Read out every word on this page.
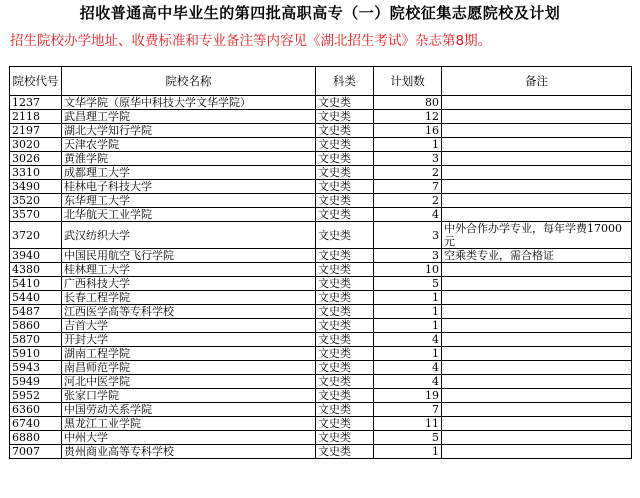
招收普通高中毕业生的第四批高职高专（一）院校征集志愿院校及计划
招生院校办学地址、收费标准和专业备注等内容见《湖北招生考试》杂志第8期。
院校代号	院校名称	科类	计划数	备注
1237	文华学院（原华中科技大学文华学院）	文史类	80	
2118	武昌理工学院	文史类	12	
2197	湖北大学知行学院	文史类	16	
3020	天津农学院	文史类	1	
3026	黄淮学院	文史类	3	
3310	成都理工大学	文史类	2	
3490	桂林电子科技大学	文史类	7	
3520	东华理工大学	文史类	2	
3570	北华航天工业学院	文史类	4	
3720	武汉纺织大学	文史类	3	中外合作办学专业，每年学费17000元
3940	中国民用航空飞行学院	文史类	3	空乘类专业，需合格证
4380	桂林理工大学	文史类	10	
5410	广西科技大学	文史类	5	
5440	长春工程学院	文史类	1	
5487	江西医学高等专科学校	文史类	1	
5860	吉首大学	文史类	1	
5870	开封大学	文史类	4	
5910	湖南工程学院	文史类	1	
5943	南昌师范学院	文史类	4	
5949	河北中医学院	文史类	4	
5952	张家口学院	文史类	19	
6360	中国劳动关系学院	文史类	7	
6740	黑龙江工业学院	文史类	11	
6880	中州大学	文史类	5	
7007	贵州商业高等专科学校	文史类	1	
